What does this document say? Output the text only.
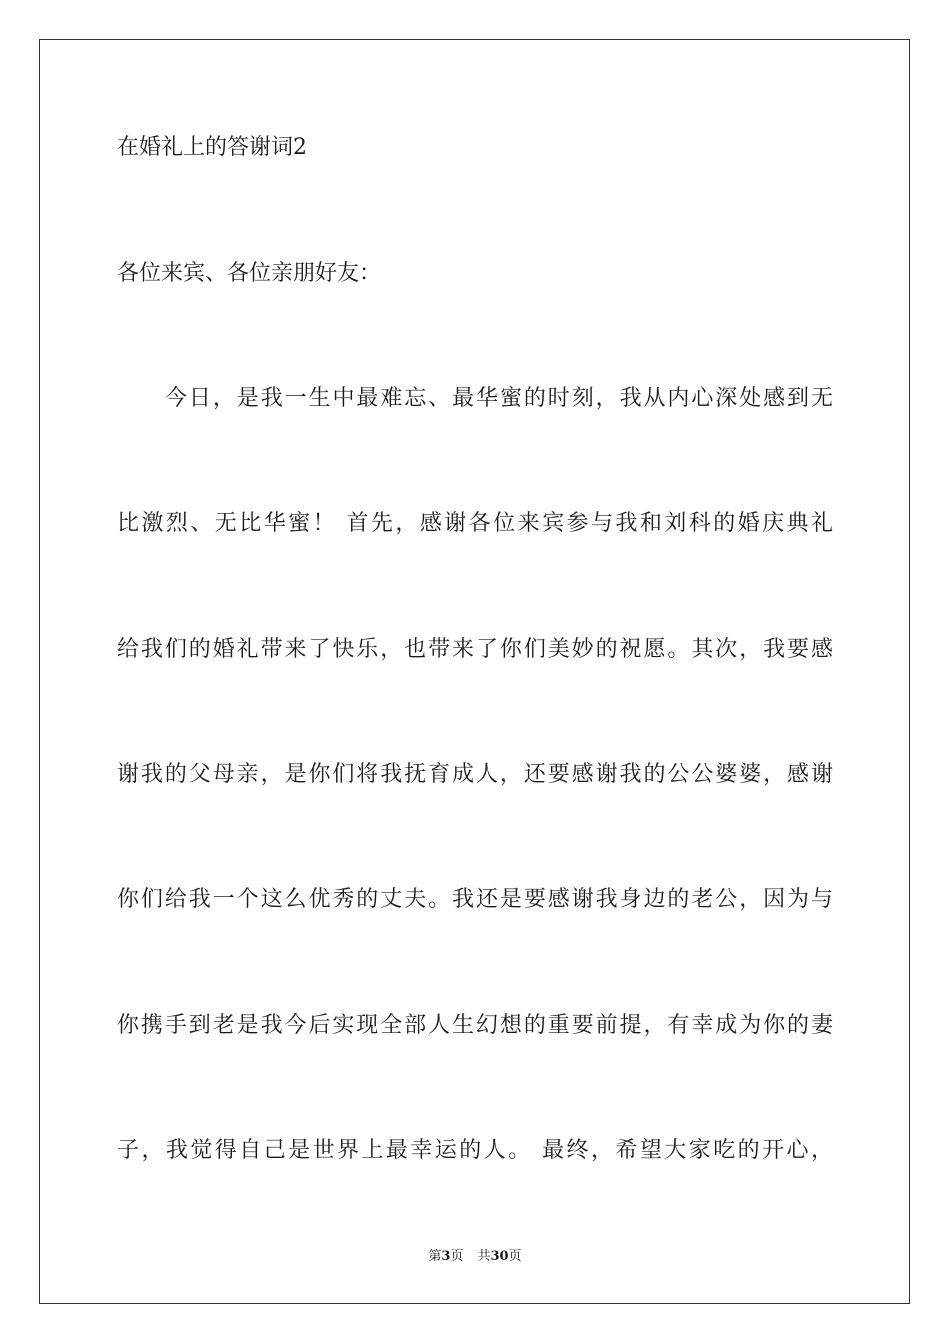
在婚礼上的答谢词2
各位来宾、各位亲朋好友：
今日，是我一生中最难忘、最华蜜的时刻，我从内心深处感到无
比激烈、无比华蜜！ 首先，感谢各位来宾参与我和刘科的婚庆典礼
给我们的婚礼带来了快乐，也带来了你们美妙的祝愿。其次，我要感
谢我的父母亲，是你们将我抚育成人，还要感谢我的公公婆婆，感谢
你们给我一个这么优秀的丈夫。我还是要感谢我身边的老公，因为与
你携手到老是我今后实现全部人生幻想的重要前提，有幸成为你的妻
子，我觉得自己是世界上最幸运的人。 最终，希望大家吃的开心，
第3页 共30页
